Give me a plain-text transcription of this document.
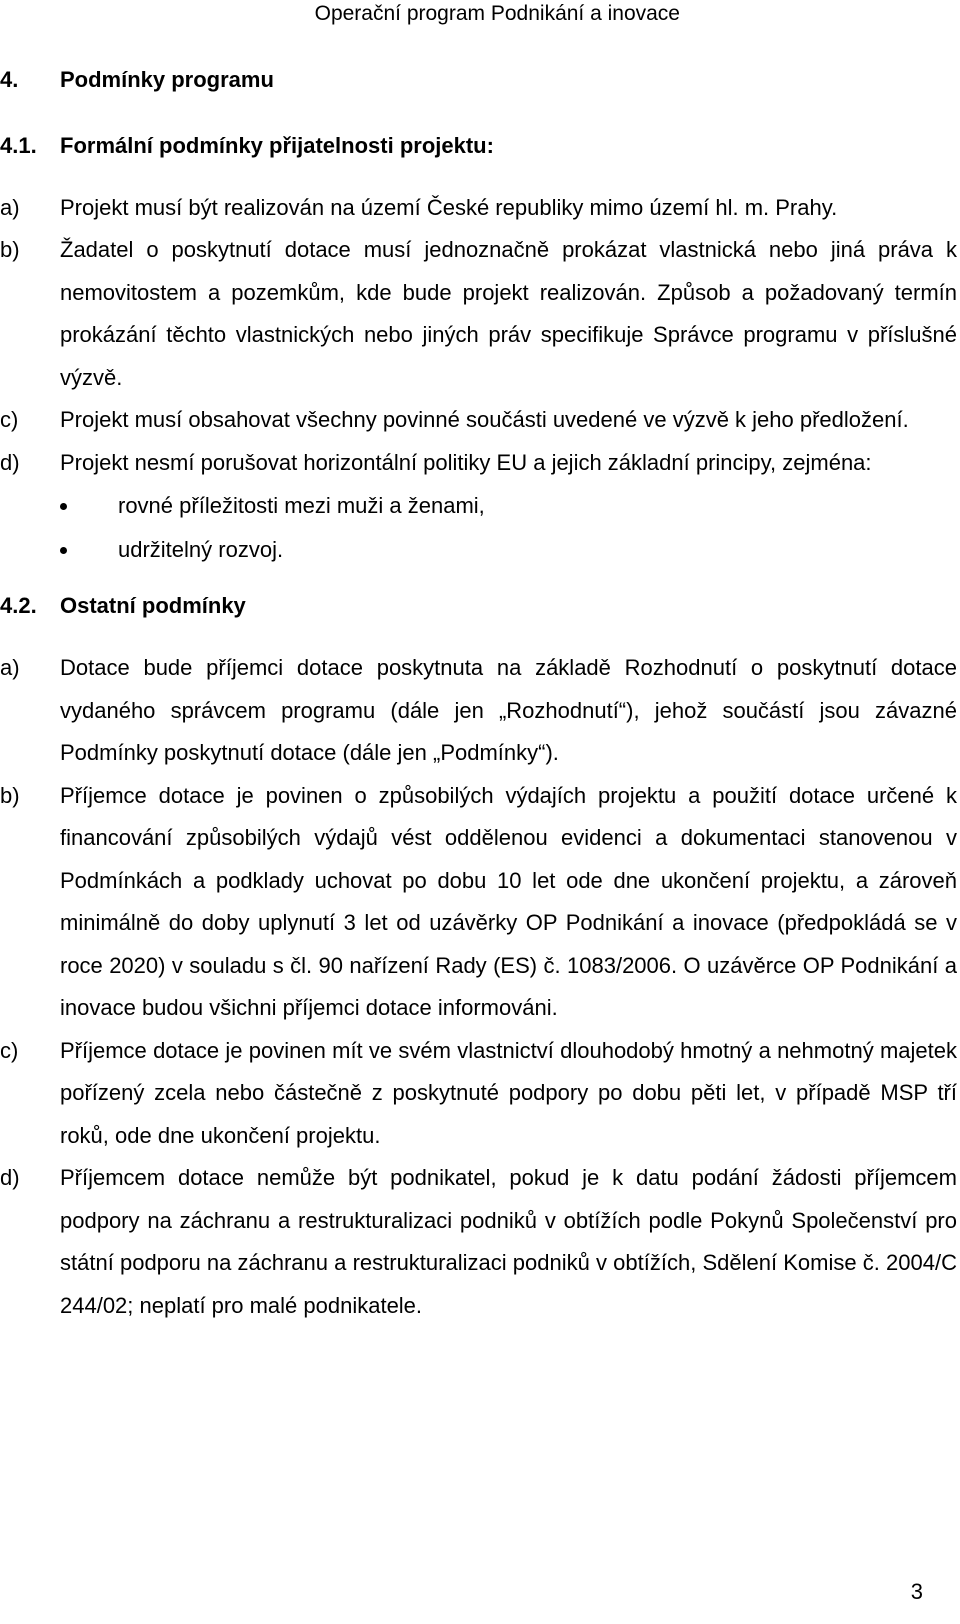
Operační program Podnikání a inovace
4. Podmínky programu
4.1. Formální podmínky přijatelnosti projektu:
a) Projekt musí být realizován na území České republiky mimo území hl. m. Prahy.
b) Žadatel o poskytnutí dotace musí jednoznačně prokázat vlastnická nebo jiná práva k nemovitostem a pozemkům, kde bude projekt realizován. Způsob a požadovaný termín prokázání těchto vlastnických nebo jiných práv specifikuje Správce programu v příslušné výzvě.
c) Projekt musí obsahovat všechny povinné součásti uvedené ve výzvě k jeho předložení.
d) Projekt nesmí porušovat horizontální politiky EU a jejich základní principy, zejména:
rovné příležitosti mezi muži a ženami,
udržitelný rozvoj.
4.2. Ostatní podmínky
a) Dotace bude příjemci dotace poskytnuta na základě Rozhodnutí o poskytnutí dotace vydaného správcem programu (dále jen „Rozhodnutí“), jehož součástí jsou závazné Podmínky poskytnutí dotace (dále jen „Podmínky“).
b) Příjemce dotace je povinen o způsobilých výdajích projektu a použití dotace určené k financování způsobilých výdajů vést oddělenou evidenci a dokumentaci stanovenou v Podmínkách a podklady uchovat po dobu 10 let ode dne ukončení projektu, a zároveň minimálně do doby uplynutí 3 let od uzávěrky OP Podnikání a inovace (předpokládá se v roce 2020) v souladu s čl. 90 nařízení Rady (ES) č. 1083/2006. O uzávěrce OP Podnikání a inovace budou všichni příjemci dotace informováni.
c) Příjemce dotace je povinen mít ve svém vlastnictví dlouhodobý hmotný a nehmotný majetek pořízený zcela nebo částečně z poskytnuté podpory po dobu pěti let, v případě MSP tří roků, ode dne ukončení projektu.
d) Příjemcem dotace nemůže být podnikatel, pokud je k datu podání žádosti příjemcem podpory na záchranu a restrukturalizaci podniků v obtížích podle Pokynů Společenství pro státní podporu na záchranu a restrukturalizaci podniků v obtížích, Sdělení Komise č. 2004/C 244/02; neplatí pro malé podnikatele.
3
